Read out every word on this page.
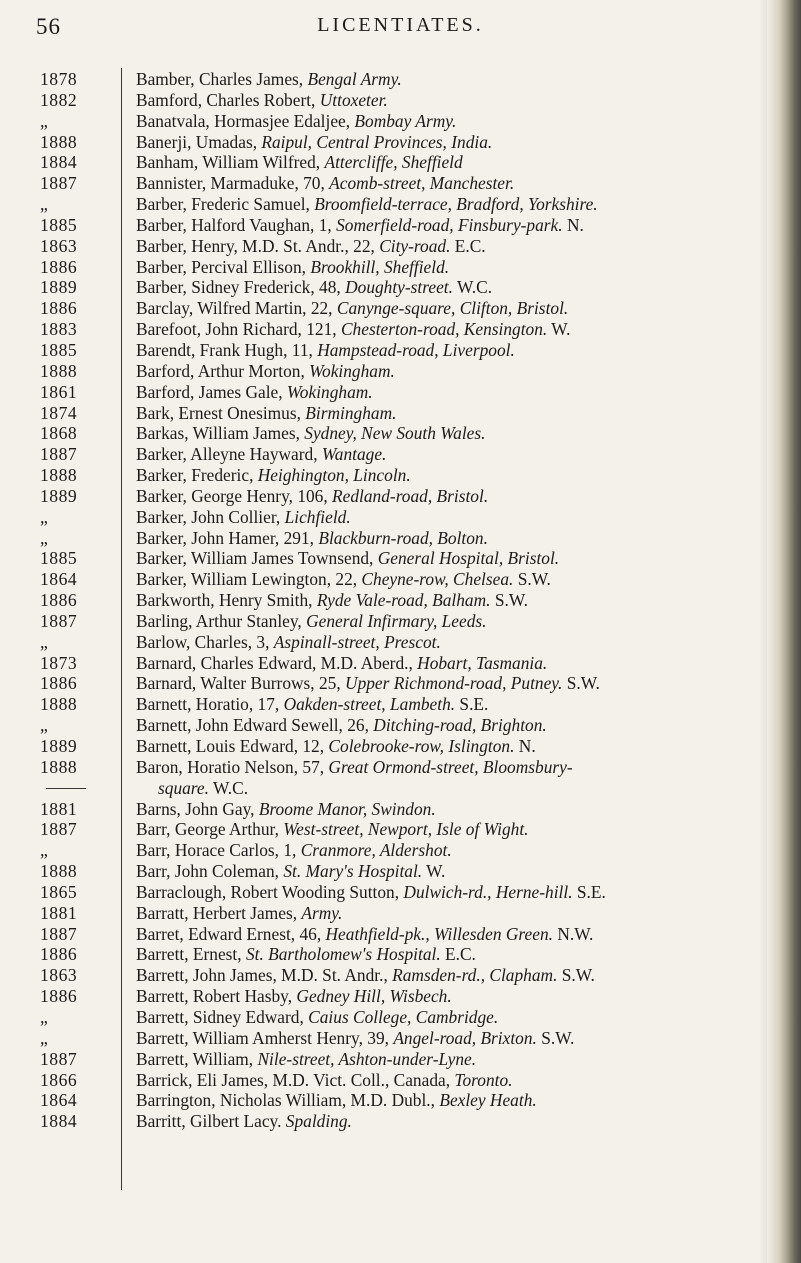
56	LICENTIATES.
1878	Bamber, Charles James, Bengal Army.
1882	Bamford, Charles Robert, Uttoxeter.
„	Banatvala, Hormasjee Edaljee, Bombay Army.
1888	Banerji, Umadas, Raipul, Central Provinces, India.
1884	Banham, William Wilfred, Attercliffe, Sheffield
1887	Bannister, Marmaduke, 70, Acomb-street, Manchester.
„	Barber, Frederic Samuel, Broomfield-terrace, Bradford, Yorkshire.
1885	Barber, Halford Vaughan, 1, Somerfield-road, Finsbury-park. N.
1863	Barber, Henry, M.D. St. Andr., 22, City-road. E.C.
1886	Barber, Percival Ellison, Brookhill, Sheffield.
1889	Barber, Sidney Frederick, 48, Doughty-street. W.C.
1886	Barclay, Wilfred Martin, 22, Canynge-square, Clifton, Bristol.
1883	Barefoot, John Richard, 121, Chesterton-road, Kensington. W.
1885	Barendt, Frank Hugh, 11, Hampstead-road, Liverpool.
1888	Barford, Arthur Morton, Wokingham.
1861	Barford, James Gale, Wokingham.
1874	Bark, Ernest Onesimus, Birmingham.
1868	Barkas, William James, Sydney, New South Wales.
1887	Barker, Alleyne Hayward, Wantage.
1888	Barker, Frederic, Heighington, Lincoln.
1889	Barker, George Henry, 106, Redland-road, Bristol.
„	Barker, John Collier, Lichfield.
„	Barker, John Hamer, 291, Blackburn-road, Bolton.
1885	Barker, William James Townsend, General Hospital, Bristol.
1864	Barker, William Lewington, 22, Cheyne-row, Chelsea. S.W.
1886	Barkworth, Henry Smith, Ryde Vale-road, Balham. S.W.
1887	Barling, Arthur Stanley, General Infirmary, Leeds.
„	Barlow, Charles, 3, Aspinall-street, Prescot.
1873	Barnard, Charles Edward, M.D. Aberd., Hobart, Tasmania.
1886	Barnard, Walter Burrows, 25, Upper Richmond-road, Putney. S.W.
1888	Barnett, Horatio, 17, Oakden-street, Lambeth. S.E.
„	Barnett, John Edward Sewell, 26, Ditching-road, Brighton.
1889	Barnett, Louis Edward, 12, Colebrooke-row, Islington. N.
1888	Baron, Horatio Nelson, 57, Great Ormond-street, Bloomsbury-
square. W.C.
1881	Barns, John Gay, Broome Manor, Swindon.
1887	Barr, George Arthur, West-street, Newport, Isle of Wight.
„	Barr, Horace Carlos, 1, Cranmore, Aldershot.
1888	Barr, John Coleman, St. Mary's Hospital. W.
1865	Barraclough, Robert Wooding Sutton, Dulwich-rd., Herne-hill. S.E.
1881	Barratt, Herbert James, Army.
1887	Barret, Edward Ernest, 46, Heathfield-pk., Willesden Green. N.W.
1886	Barrett, Ernest, St. Bartholomew's Hospital. E.C.
1863	Barrett, John James, M.D. St. Andr., Ramsden-rd., Clapham. S.W.
1886	Barrett, Robert Hasby, Gedney Hill, Wisbech.
„	Barrett, Sidney Edward, Caius College, Cambridge.
„	Barrett, William Amherst Henry, 39, Angel-road, Brixton. S.W.
1887	Barrett, William, Nile-street, Ashton-under-Lyne.
1866	Barrick, Eli James, M.D. Vict. Coll., Canada, Toronto.
1864	Barrington, Nicholas William, M.D. Dubl., Bexley Heath.
1884	Barritt, Gilbert Lacy. Spalding.
